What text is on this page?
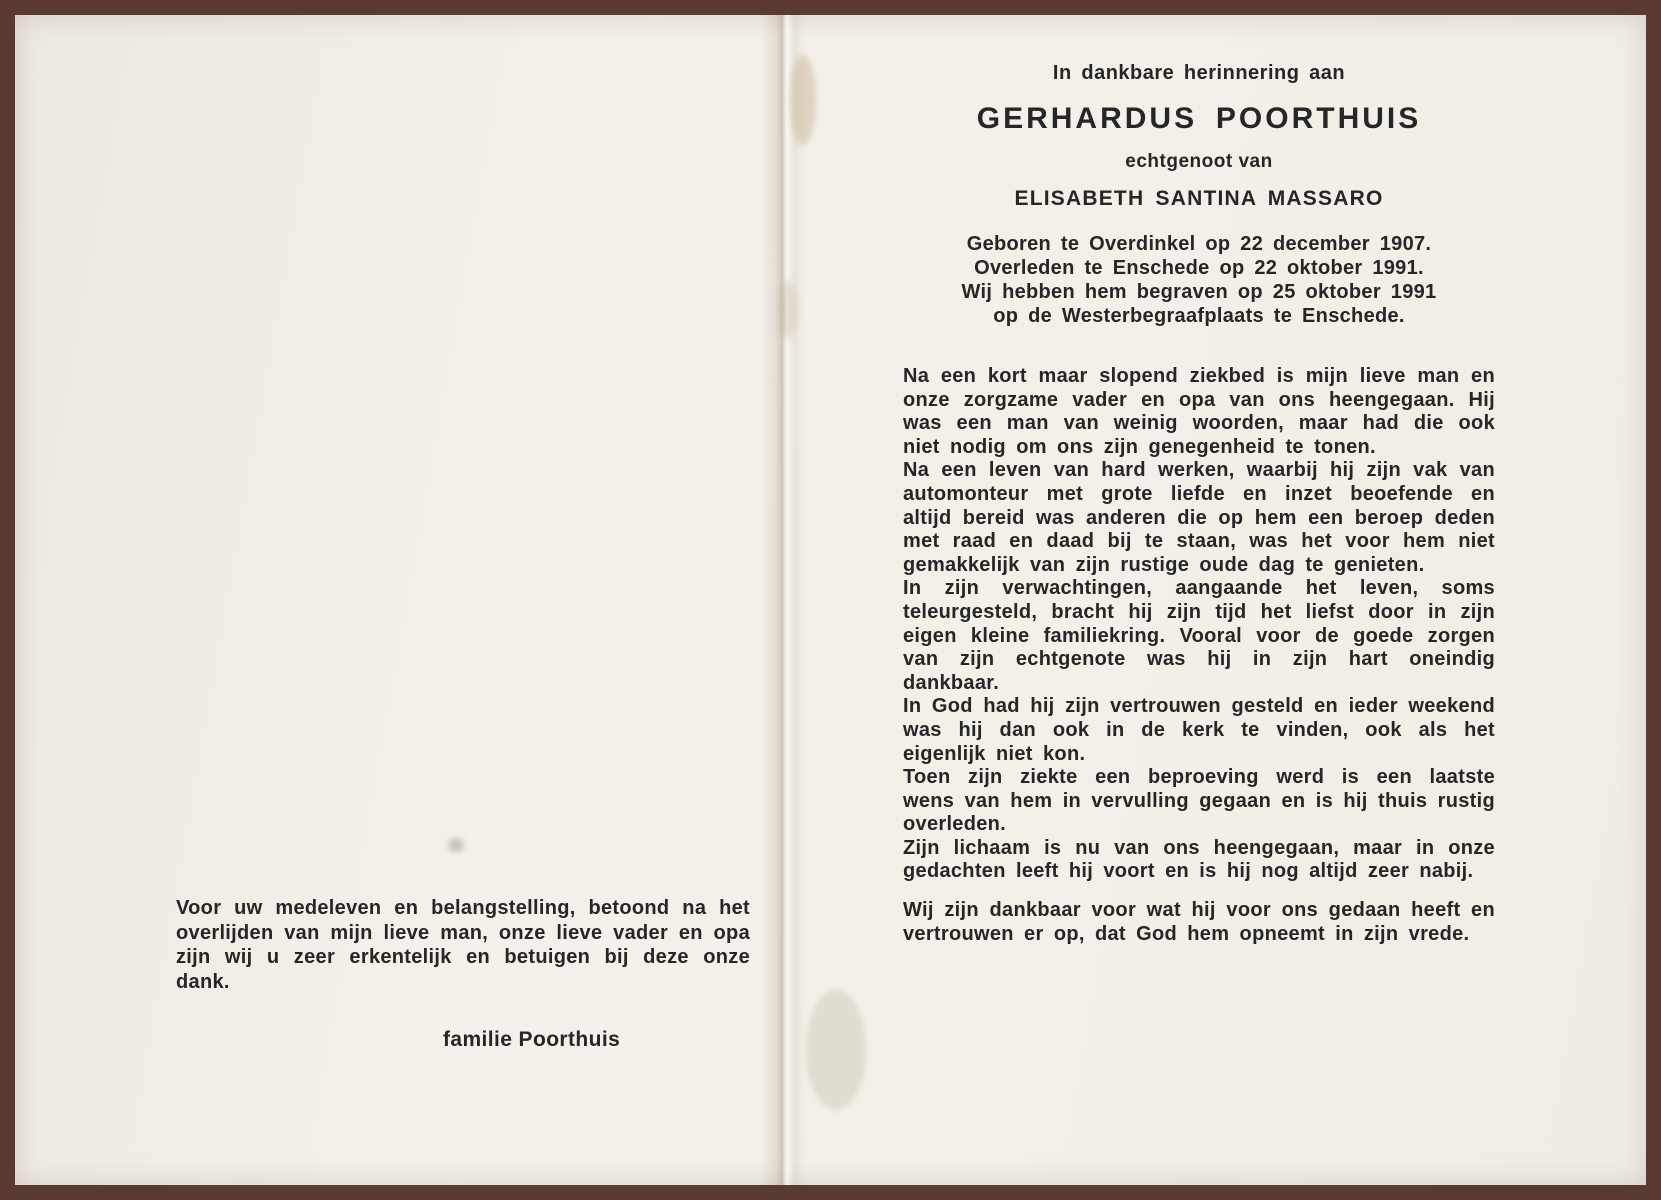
Voor uw medeleven en belangstelling, betoond na het overlijden van mijn lieve man, onze lieve vader en opa zijn wij u zeer erkentelijk en betuigen bij deze onze dank.

familie Poorthuis

In dankbare herinnering aan

GERHARDUS POORTHUIS

echtgenoot van

ELISABETH SANTINA MASSARO

Geboren te Overdinkel op 22 december 1907.

Overleden te Enschede op 22 oktober 1991.

Wij hebben hem begraven op 25 oktober 1991

op de Westerbegraafplaats te Enschede.

Na een kort maar slopend ziekbed is mijn lieve man en onze zorgzame vader en opa van ons heengegaan. Hij was een man van weinig woorden, maar had die ook niet nodig om ons zijn genegenheid te tonen.

Na een leven van hard werken, waarbij hij zijn vak van automonteur met grote liefde en inzet beoefende en altijd bereid was anderen die op hem een beroep deden met raad en daad bij te staan, was het voor hem niet gemakkelijk van zijn rustige oude dag te genieten.

In zijn verwachtingen, aangaande het leven, soms teleurgesteld, bracht hij zijn tijd het liefst door in zijn eigen kleine familiekring. Vooral voor de goede zorgen van zijn echtgenote was hij in zijn hart oneindig dankbaar.

In God had hij zijn vertrouwen gesteld en ieder weekend was hij dan ook in de kerk te vinden, ook als het eigenlijk niet kon.

Toen zijn ziekte een beproeving werd is een laatste wens van hem in vervulling gegaan en is hij thuis rustig overleden.

Zijn lichaam is nu van ons heengegaan, maar in onze gedachten leeft hij voort en is hij nog altijd zeer nabij.

Wij zijn dankbaar voor wat hij voor ons gedaan heeft en vertrouwen er op, dat God hem opneemt in zijn vrede.
